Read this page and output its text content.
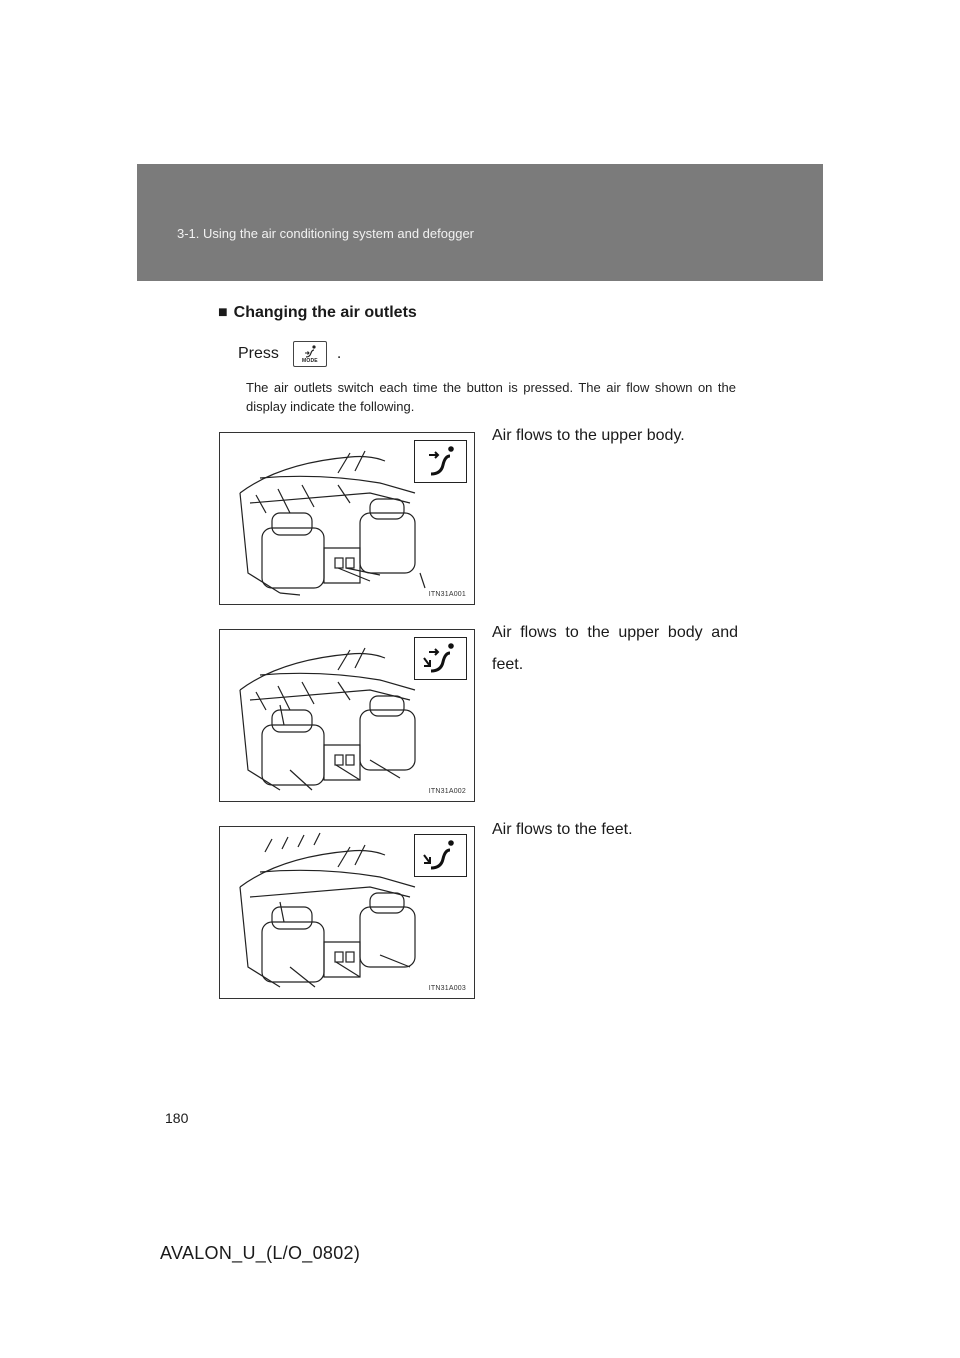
3-1. Using the air conditioning system and defogger
■ Changing the air outlets
Press	MODE	.
The air outlets switch each time the button is pressed. The air flow shown on the display indicate the following.
ITN31A001
Air flows to the upper body.
ITN31A002
Air flows to the upper body and feet.
ITN31A003
Air flows to the feet.
180
AVALON_U_(L/O_0802)
